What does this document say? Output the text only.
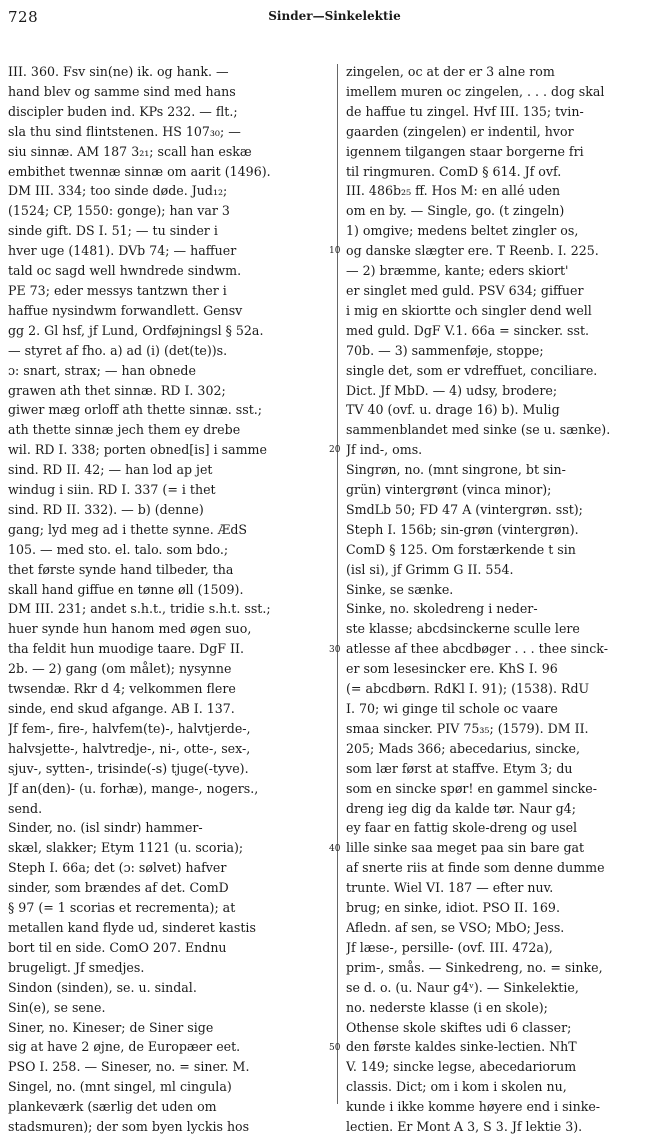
728	Sinder—Sinkelektie
III. 360. Fsv sin(ne) ik. og hank. —
hand blev og samme sind med hans
discipler buden ind. KPs 232. — flt.;
sla thu sind flintstenen. HS 107₃₀; —
siu sinnæ. AM 187 3₂₁; scall han eskæ
embithet twennæ sinnæ om aarit (1496).
DM III. 334; too sinde døde. Jud₁₂;
(1524; CP, 1550: gonge); han var 3
sinde gift. DS I. 51; — tu sinder i
hver uge (1481). DVb 74; — haffuer
tald oc sagd well hwndrede sindwm.
PE 73; eder messys tantzwn ther i
haffue nysindwm forwandlett. Gensv
gg 2. Gl hsf, jf Lund, Ordføjningsl § 52a.
— styret af fho. a) ad (i) (det(te))s.
ɔ: snart, strax; — han obnede
grawen ath thet sinnæ. RD I. 302;
giwer mæg orloff ath thette sinnæ. sst.;
ath thette sinnæ jech them ey drebe
wil. RD I. 338; porten obned[is] i samme
sind. RD II. 42; — han lod ap jet
windug i siin. RD I. 337 (= i thet
sind. RD II. 332). — b) (denne)
gang; lyd meg ad i thette synne. ÆdS
105. — med sto. el. talo. som bdo.;
thet første synde hand tilbeder, tha
skall hand giffue en tønne øll (1509).
DM III. 231; andet s.h.t., tridie s.h.t. sst.;
huer synde hun hanom med øgen suo,
tha feldit hun muodige taare. DgF II.
2b. — 2) gang (om målet); nysynne
twsendæ. Rkr d 4; velkommen flere
sinde, end skud afgange. AB I. 137.
Jf fem-, fire-, halvfem(te)-, halvtjerde-,
halvsjette-, halvtredje-, ni-, otte-, sex-,
sjuv-, sytten-, trisinde(-s) tjuge(-tyve).
Jf an(den)- (u. forhæ), mange-, nogers.,
send.
Sinder, no. (isl sindr) hammer-
skæl, slakker; Etym 1121 (u. scoria);
Steph I. 66a; det (ɔ: sølvet) hafver
sinder, som brændes af det. ComD
§ 97 (= 1 scorias et recrementa); at
metallen kand flyde ud, sinderet kastis
bort til en side. ComO 207. Endnu
brugeligt. Jf smedjes.
Sindon (sinden), se. u. sindal.
Sin(e), se sene.
Siner, no. Kineser; de Siner sige
sig at have 2 øjne, de Europæer eet.
PSO I. 258. — Sineser, no. = siner. M.
Singel, no. (mnt singel, ml cingula)
plankeværk (særlig det uden om
stadsmuren); der som byen lyckis hos
zingelen, oc at der er 3 alne rom
imellem muren oc zingelen, . . . dog skal
de haffue tu zingel. Hvf III. 135; tvin-
gaarden (zingelen) er indentil, hvor
igennem tilgangen staar borgerne fri
til ringmuren. ComD § 614. Jf ovf.
III. 486b₂₅ ff. Hos M: en allé uden
om en by. — Single, go. (t zingeln)
1) omgive; medens beltet zingler os,
og danske slægter ere. T Reenb. I. 225.
— 2) bræmme, kante; eders skiort'
er singlet med guld. PSV 634; giffuer
i mig en skiortte och singler dend well
med guld. DgF V.1. 66a = sincker. sst.
70b. — 3) sammenføje, stoppe;
single det, som er vdreffuet, conciliare.
Dict. Jf MbD. — 4) udsy, brodere;
TV 40 (ovf. u. drage 16) b). Mulig
sammenblandet med sinke (se u. sænke).
Jf ind-, oms.
Singrøn, no. (mnt singrone, bt sin-
grün) vintergrønt (vinca minor);
SmdLb 50; FD 47 A (vintergrøn. sst);
Steph I. 156b; sin-grøn (vintergrøn).
ComD § 125. Om forstærkende t sin
(isl si), jf Grimm G II. 554.
Sinke, se sænke.
Sinke, no. skoledreng i neder-
ste klasse; abcdsinckerne sculle lere
atlesse af thee abcdbøger . . . thee sinck-
er som lesesincker ere. KhS I. 96
(= abcdbørn. RdKl I. 91); (1538). RdU
I. 70; wi ginge til schole oc vaare
smaa sincker. PIV 75₃₅; (1579). DM II.
205; Mads 366; abecedarius, sincke,
som lær først at staffve. Etym 3; du
som en sincke spør! en gammel sincke-
dreng ieg dig da kalde tør. Naur g4;
ey faar en fattig skole-dreng og usel
lille sinke saa meget paa sin bare gat
af snerte riis at finde som denne dumme
trunte. Wiel VI. 187 — efter nuv.
brug; en sinke, idiot. PSO II. 169.
Afledn. af sen, se VSO; MbO; Jess.
Jf læse-, persille- (ovf. III. 472a),
prim-, smås. — Sinkedreng, no. = sinke,
se d. o. (u. Naur g4ᵛ). — Sinkelektie,
no. nederste klasse (i en skole);
Othense skole skiftes udi 6 classer;
den første kaldes sinke-lectien. NhT
V. 149; sincke legse, abecedariorum
classis. Dict; om i kom i skolen nu,
kunde i ikke komme høyere end i sinke-
lectien. Er Mont A 3, S 3. Jf lektie 3).
10
20
30
40
50
